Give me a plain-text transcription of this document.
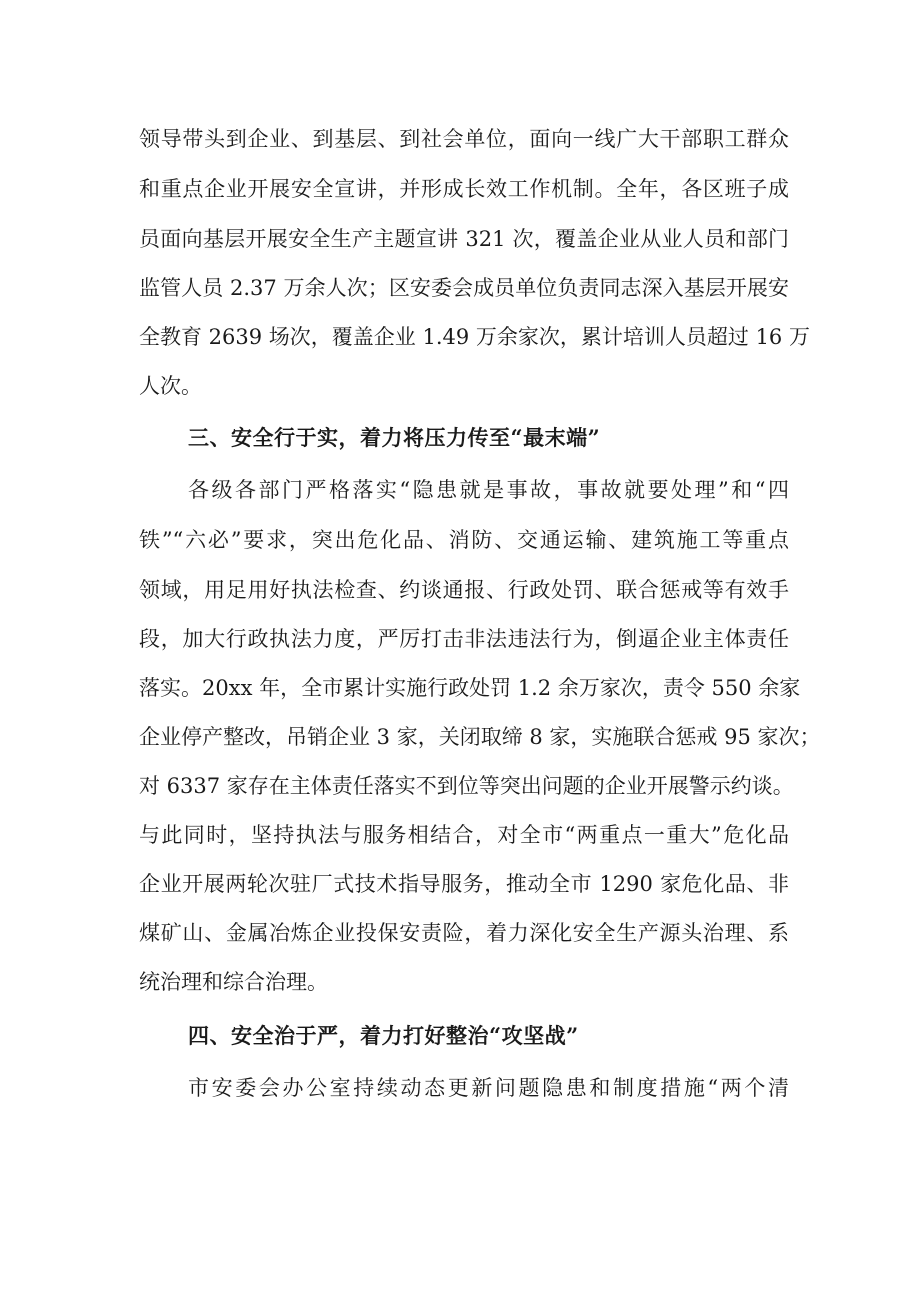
领导带头到企业、到基层、到社会单位，面向一线广大干部职工群众
和重点企业开展安全宣讲，并形成长效工作机制。全年，各区班子成
员面向基层开展安全生产主题宣讲 321 次，覆盖企业从业人员和部门
监管人员 2.37 万余人次；区安委会成员单位负责同志深入基层开展安
全教育 2639 场次，覆盖企业 1.49 万余家次，累计培训人员超过 16 万
人次。
三、安全行于实，着力将压力传至“最末端”
各级各部门严格落实“隐患就是事故，事故就要处理”和“四
铁”“六必”要求，突出危化品、消防、交通运输、建筑施工等重点
领域，用足用好执法检查、约谈通报、行政处罚、联合惩戒等有效手
段，加大行政执法力度，严厉打击非法违法行为，倒逼企业主体责任
落实。20xx 年，全市累计实施行政处罚 1.2 余万家次，责令 550 余家
企业停产整改，吊销企业 3 家，关闭取缔 8 家，实施联合惩戒 95 家次；
对 6337 家存在主体责任落实不到位等突出问题的企业开展警示约谈。
与此同时，坚持执法与服务相结合，对全市“两重点一重大”危化品
企业开展两轮次驻厂式技术指导服务，推动全市 1290 家危化品、非
煤矿山、金属冶炼企业投保安责险，着力深化安全生产源头治理、系
统治理和综合治理。
四、安全治于严，着力打好整治“攻坚战”
市安委会办公室持续动态更新问题隐患和制度措施“两个清
